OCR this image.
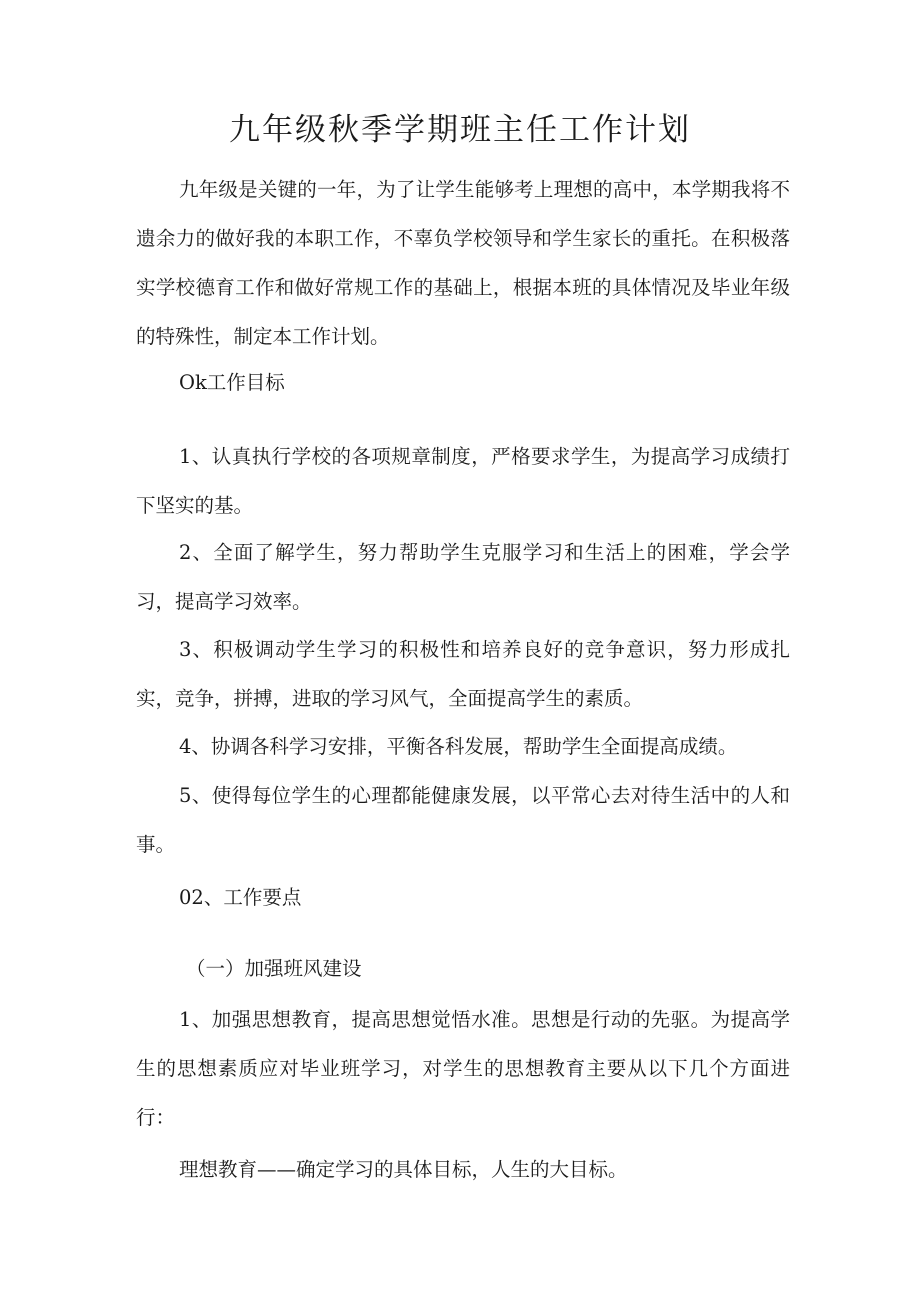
九年级秋季学期班主任工作计划

九年级是关键的一年，为了让学生能够考上理想的高中，本学期我将不遗余力的做好我的本职工作，不辜负学校领导和学生家长的重托。在积极落实学校德育工作和做好常规工作的基础上，根据本班的具体情况及毕业年级的特殊性，制定本工作计划。

Ok工作目标

1、认真执行学校的各项规章制度，严格要求学生，为提高学习成绩打下坚实的基。

2、全面了解学生，努力帮助学生克服学习和生活上的困难，学会学习，提高学习效率。

3、积极调动学生学习的积极性和培养良好的竞争意识，努力形成扎实，竞争，拼搏，进取的学习风气，全面提高学生的素质。

4、协调各科学习安排，平衡各科发展，帮助学生全面提高成绩。

5、使得每位学生的心理都能健康发展，以平常心去对待生活中的人和事。

02、工作要点

（一）加强班风建设

1、加强思想教育，提高思想觉悟水准。思想是行动的先驱。为提高学生的思想素质应对毕业班学习，对学生的思想教育主要从以下几个方面进行：

理想教育——确定学习的具体目标，人生的大目标。
